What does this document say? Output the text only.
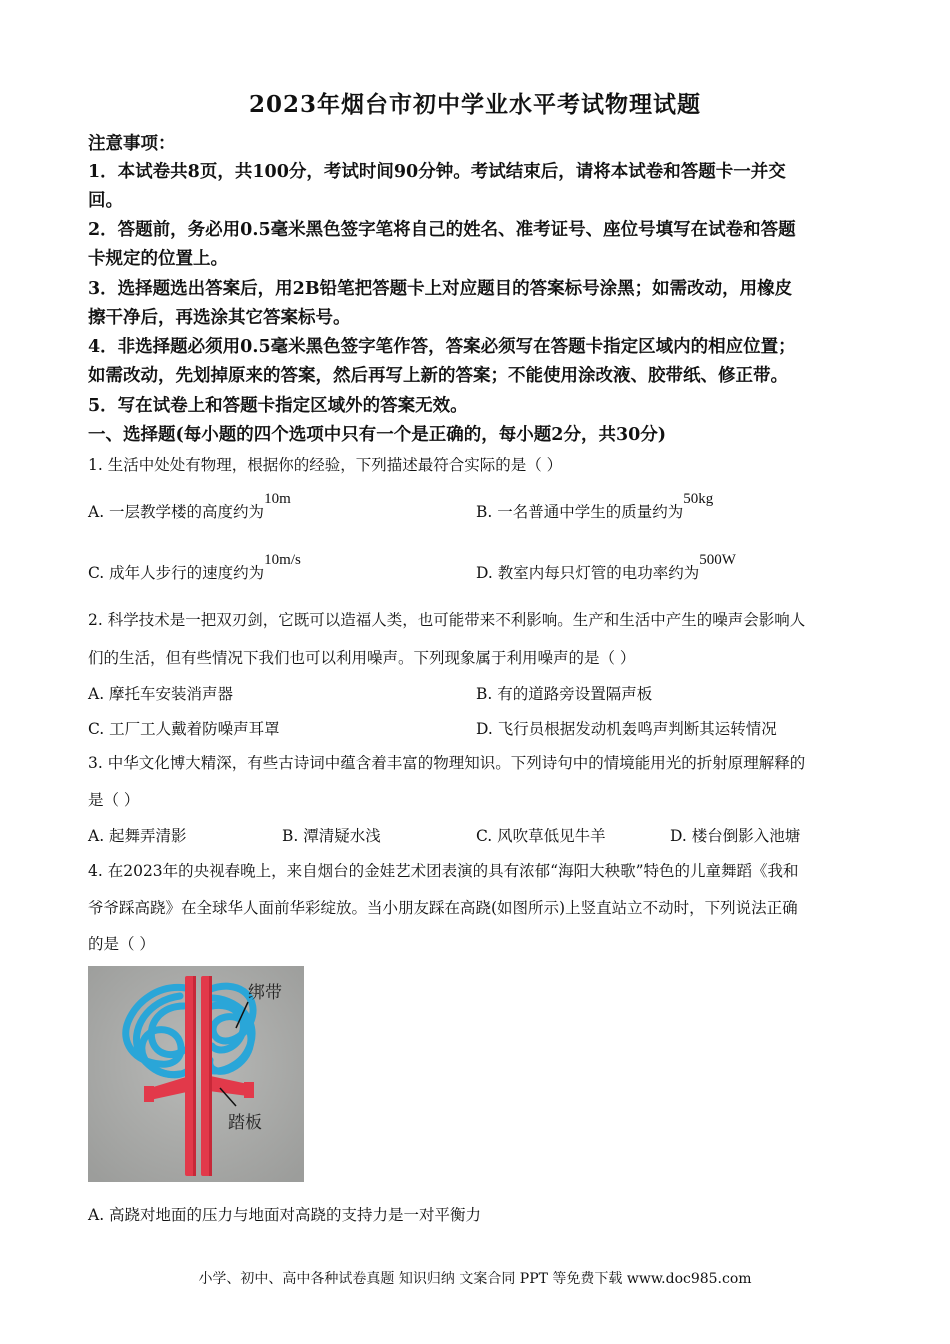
2023年烟台市初中学业水平考试物理试题
注意事项：
1．本试卷共8页，共100分，考试时间90分钟。考试结束后，请将本试卷和答题卡一并交
回。
2．答题前，务必用0.5毫米黑色签字笔将自己的姓名、准考证号、座位号填写在试卷和答题
卡规定的位置上。
3．选择题选出答案后，用2B铅笔把答题卡上对应题目的答案标号涂黑；如需改动，用橡皮
擦干净后，再选涂其它答案标号。
4．非选择题必须用0.5毫米黑色签字笔作答，答案必须写在答题卡指定区域内的相应位置；
如需改动，先划掉原来的答案，然后再写上新的答案；不能使用涂改液、胶带纸、修正带。
5．写在试卷上和答题卡指定区域外的答案无效。
一、选择题(每小题的四个选项中只有一个是正确的，每小题2分，共30分)
1. 生活中处处有物理，根据你的经验，下列描述最符合实际的是（ ）
A. 一层教学楼的高度约为10m
B. 一名普通中学生的质量约为50kg
C. 成年人步行的速度约为10m/s
D. 教室内每只灯管的电功率约为500W
2. 科学技术是一把双刃剑，它既可以造福人类，也可能带来不利影响。生产和生活中产生的噪声会影响人
们的生活，但有些情况下我们也可以利用噪声。下列现象属于利用噪声的是（ ）
A. 摩托车安装消声器	B. 有的道路旁设置隔声板
C. 工厂工人戴着防噪声耳罩	D. 飞行员根据发动机轰鸣声判断其运转情况
3. 中华文化博大精深，有些古诗词中蕴含着丰富的物理知识。下列诗句中的情境能用光的折射原理解释的
是（ ）
A. 起舞弄清影	B. 潭清疑水浅	C. 风吹草低见牛羊	D. 楼台倒影入池塘
4. 在2023年的央视春晚上，来自烟台的金娃艺术团表演的具有浓郁“海阳大秧歌”特色的儿童舞蹈《我和
爷爷踩高跷》在全球华人面前华彩绽放。当小朋友踩在高跷(如图所示)上竖直站立不动时，下列说法正确
的是（ ）
绑带
踏板
A. 高跷对地面的压力与地面对高跷的支持力是一对平衡力
小学、初中、高中各种试卷真题 知识归纳 文案合同 PPT 等免费下载 www.doc985.com
